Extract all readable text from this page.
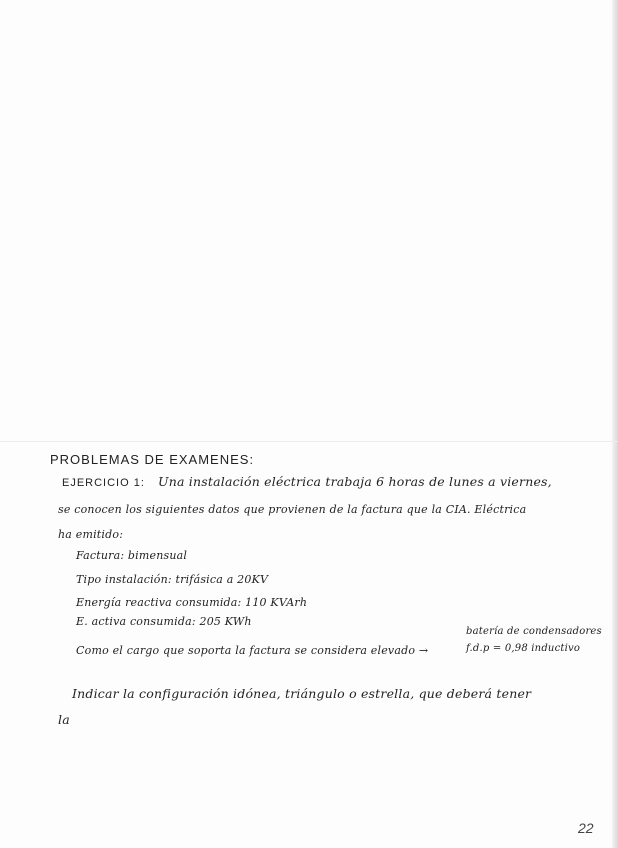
PROBLEMAS DE EXAMENES:
EJERCICIO 1: Una instalación eléctrica trabaja 6 horas de lunes a viernes,
se conocen los siguientes datos que provienen de la factura que la CIA. Eléctrica
ha emitido:
Factura: bimensual
Tipo instalación: trifásica a 20KV
Energía reactiva consumida: 110 KVArh
E. activa consumida: 205 KWh
Como el cargo que soporta la factura se considera elevado →
batería de condensadores
f.d.p = 0,98 inductivo
Indicar la configuración idónea, triángulo o estrella, que deberá tener
la
22
